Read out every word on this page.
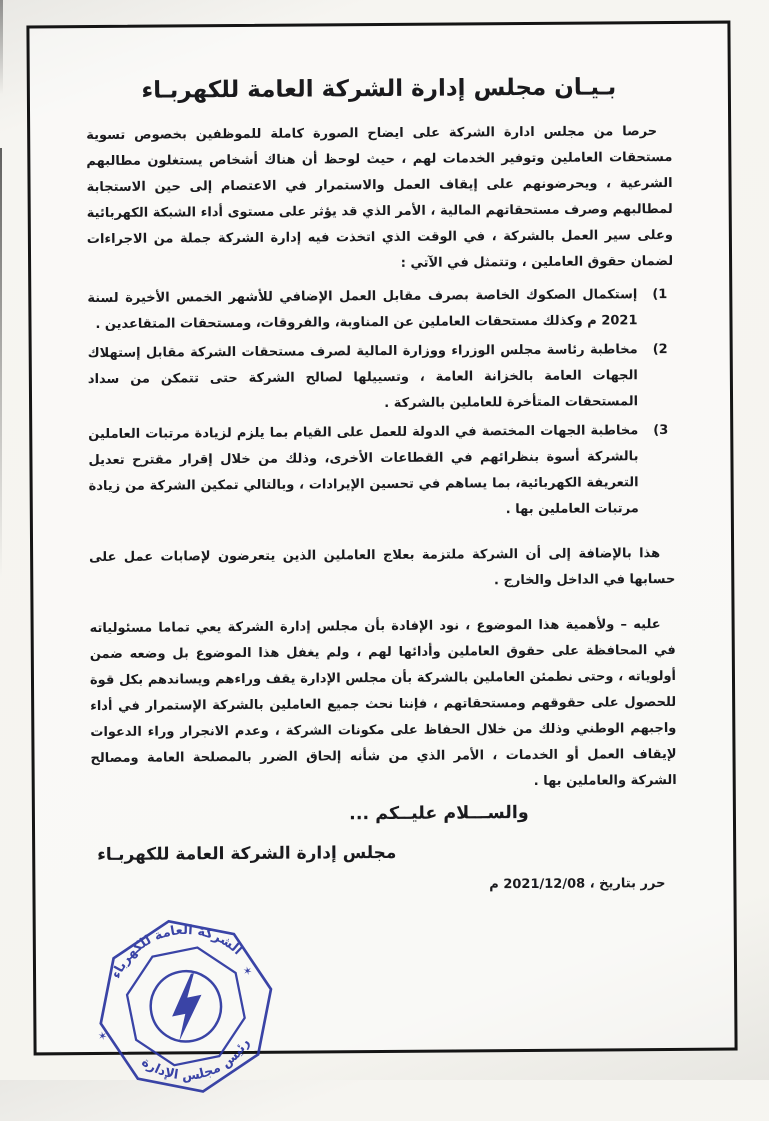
بـيـان مجلس إدارة الشركة العامة للكهربـاء

حرصا من مجلس ادارة الشركة على ايضاح الصورة كاملة للموظفين بخصوص تسوية مستحقات العاملين وتوفير الخدمات لهم ، حيث لوحظ أن هناك أشخاص يستغلون مطالبهم الشرعية ، ويحرضونهم على إيقاف العمل والاستمرار في الاعتصام إلى حين الاستجابة لمطالبهم وصرف مستحقاتهم المالية ، الأمر الذي قد يؤثر على مستوى أداء الشبكة الكهربائية وعلى سير العمل بالشركة ، في الوقت الذي اتخذت فيه إدارة الشركة جملة من الاجراءات لضمان حقوق العاملين ، وتتمثل في الآتي :

1)
إستكمال الصكوك الخاصة بصرف مقابل العمل الإضافي للأشهر الخمس الأخيرة لسنة 2021 م وكذلك مستحقات العاملين عن المناوبة، والفروقات، ومستحقات المتقاعدين .
2)
مخاطبة رئاسة مجلس الوزراء ووزارة المالية لصرف مستحقات الشركة مقابل إستهلاك الجهات العامة بالخزانة العامة ، وتسييلها لصالح الشركة حتى تتمكن من سداد المستحقات المتأخرة للعاملين بالشركة .
3)
مخاطبة الجهات المختصة في الدولة للعمل على القيام بما يلزم لزيادة مرتبات العاملين بالشركة أسوة بنظرائهم في القطاعات الأخرى، وذلك من خلال إقرار مقترح تعديل التعريفة الكهربائية، بما يساهم في تحسين الإيرادات ، وبالتالي تمكين الشركة من زيادة مرتبات العاملين بها .

هذا بالإضافة إلى أن الشركة ملتزمة بعلاج العاملين الذين يتعرضون لإصابات عمل على حسابها في الداخل والخارج .

عليه – ولأهمية هذا الموضوع ، نود الإفادة بأن مجلس إدارة الشركة يعي تماما مسئولياته في المحافظة على حقوق العاملين وأدائها لهم ، ولم يغفل هذا الموضوع بل وضعه ضمن أولوياته ، وحتى نطمئن العاملين بالشركة بأن مجلس الإدارة يقف وراءهم ويساندهم بكل قوة للحصول على حقوقهم ومستحقاتهم ، فإننا نحث جميع العاملين بالشركة الإستمرار في أداء واجبهم الوطني وذلك من خلال الحفاظ على مكونات الشركة ، وعدم الانجرار وراء الدعوات لإيقاف العمل أو الخدمات ، الأمر الذي من شأنه إلحاق الضرر بالمصلحة العامة ومصالح الشركة والعاملين بها .

والســـلام عليــكم ...
مجلس إدارة الشركة العامة للكهربـاء
حرر بتاريخ ، 2021/12/08 م
الشركة العامة للكهرباء
رئيس مجلس الإدارة
✶
✶
